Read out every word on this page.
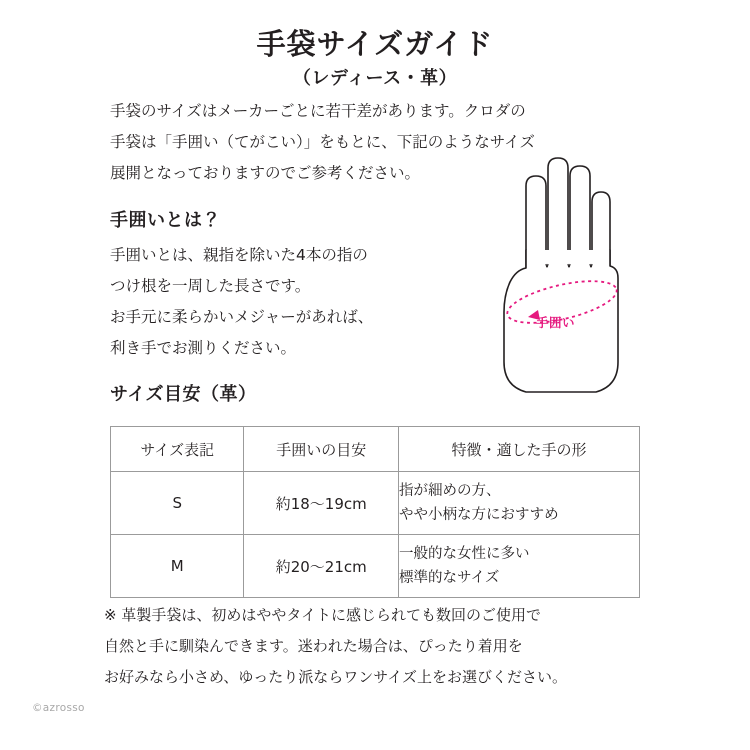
手袋サイズガイド
（レディース・革）
手袋のサイズはメーカーごとに若干差があります。クロダの
手袋は「手囲い（てがこい）」をもとに、下記のようなサイズ
展開となっておりますのでご参考ください。
手囲いとは？
手囲いとは、親指を除いた4本の指の
つけ根を一周した長さです。
お手元に柔らかいメジャーがあれば、
利き手でお測りください。
手囲い
サイズ目安（革）
サイズ表記	手囲いの目安	特徴・適した手の形
S	約18〜19cm	指が細めの方、
やや小柄な方におすすめ

M	約20〜21cm	一般的な女性に多い
標準的なサイズ
※ 革製手袋は、初めはややタイトに感じられても数回のご使用で
自然と手に馴染んできます。迷われた場合は、ぴったり着用を
お好みなら小さめ、ゆったり派ならワンサイズ上をお選びください。
©azrosso
